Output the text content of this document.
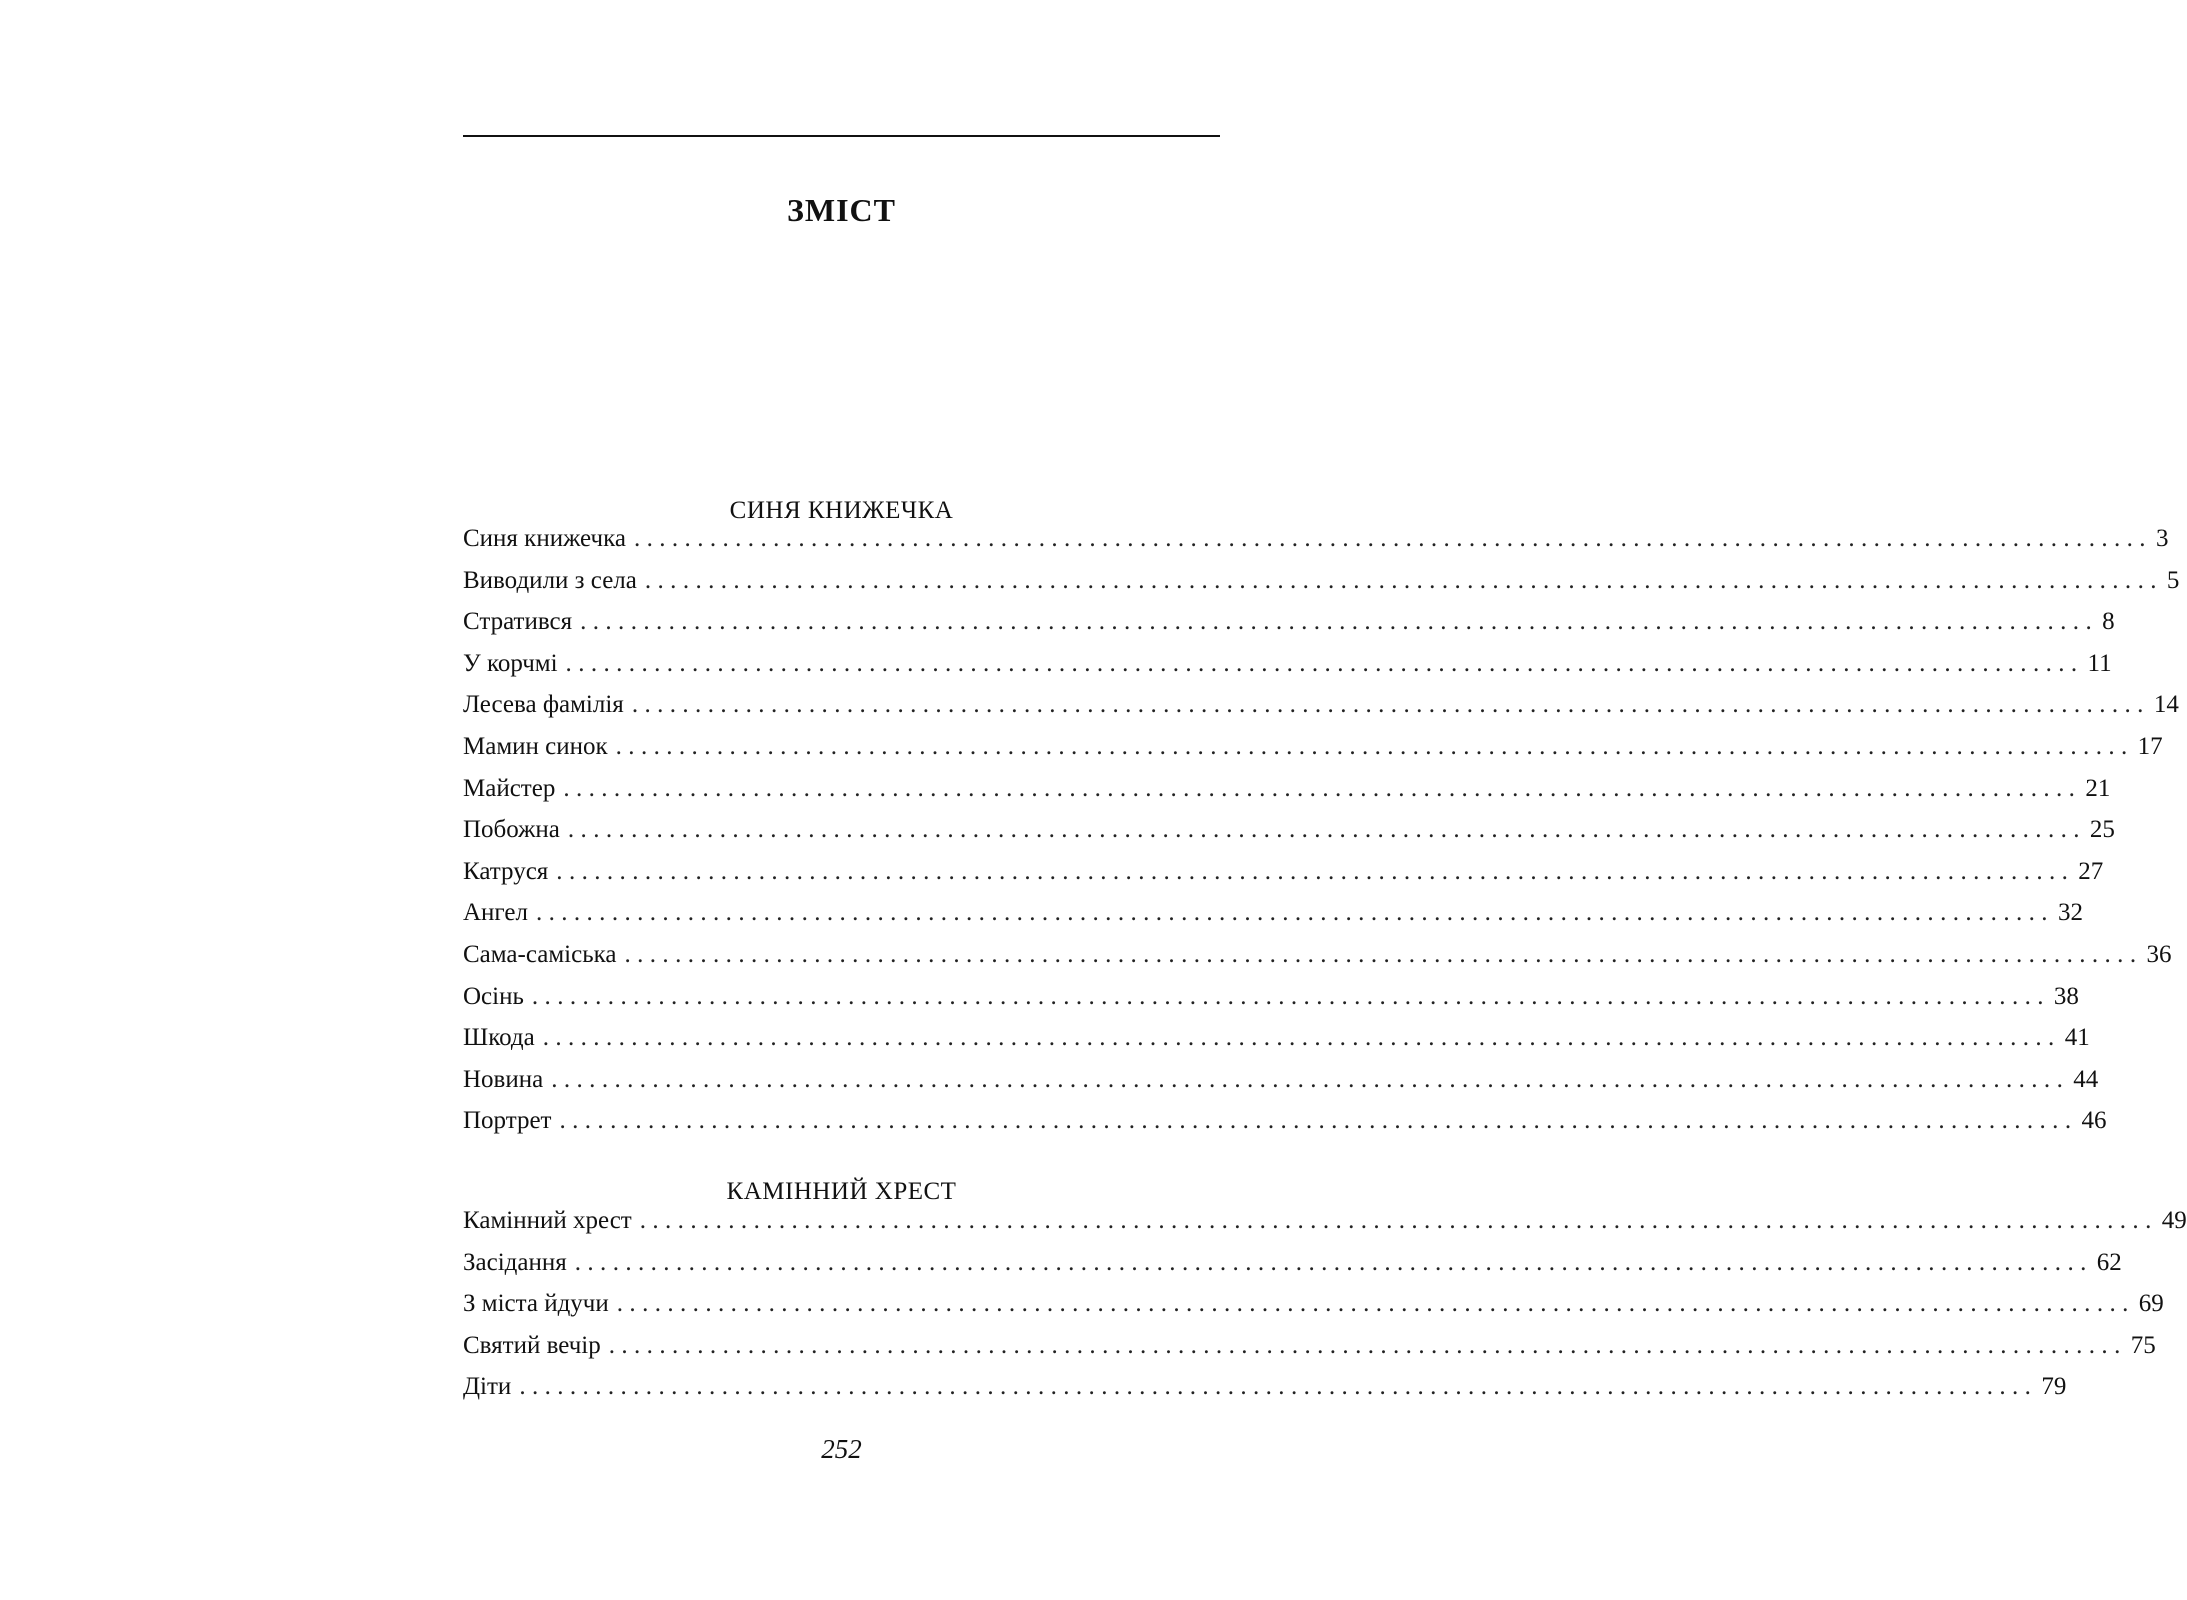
ЗМІСТ
СИНЯ КНИЖЕЧКА
Синя книжечка ........................................................................................................................ 3
Виводили з села ........................................................................................................................ 5
Стратився ........................................................................................................................ 8
У корчмі ........................................................................................................................ 11
Лесева фамілія ........................................................................................................................ 14
Мамин синок ........................................................................................................................ 17
Майстер ........................................................................................................................ 21
Побожна ........................................................................................................................ 25
Катруся ........................................................................................................................ 27
Ангел ........................................................................................................................ 32
Сама-саміська ........................................................................................................................ 36
Осінь ........................................................................................................................ 38
Шкода ........................................................................................................................ 41
Новина ........................................................................................................................ 44
Портрет ........................................................................................................................ 46
КАМІННИЙ ХРЕСТ
Камінний хрест ........................................................................................................................ 49
Засідання ........................................................................................................................ 62
З міста йдучи ........................................................................................................................ 69
Святий вечір ........................................................................................................................ 75
Діти ........................................................................................................................ 79
252
